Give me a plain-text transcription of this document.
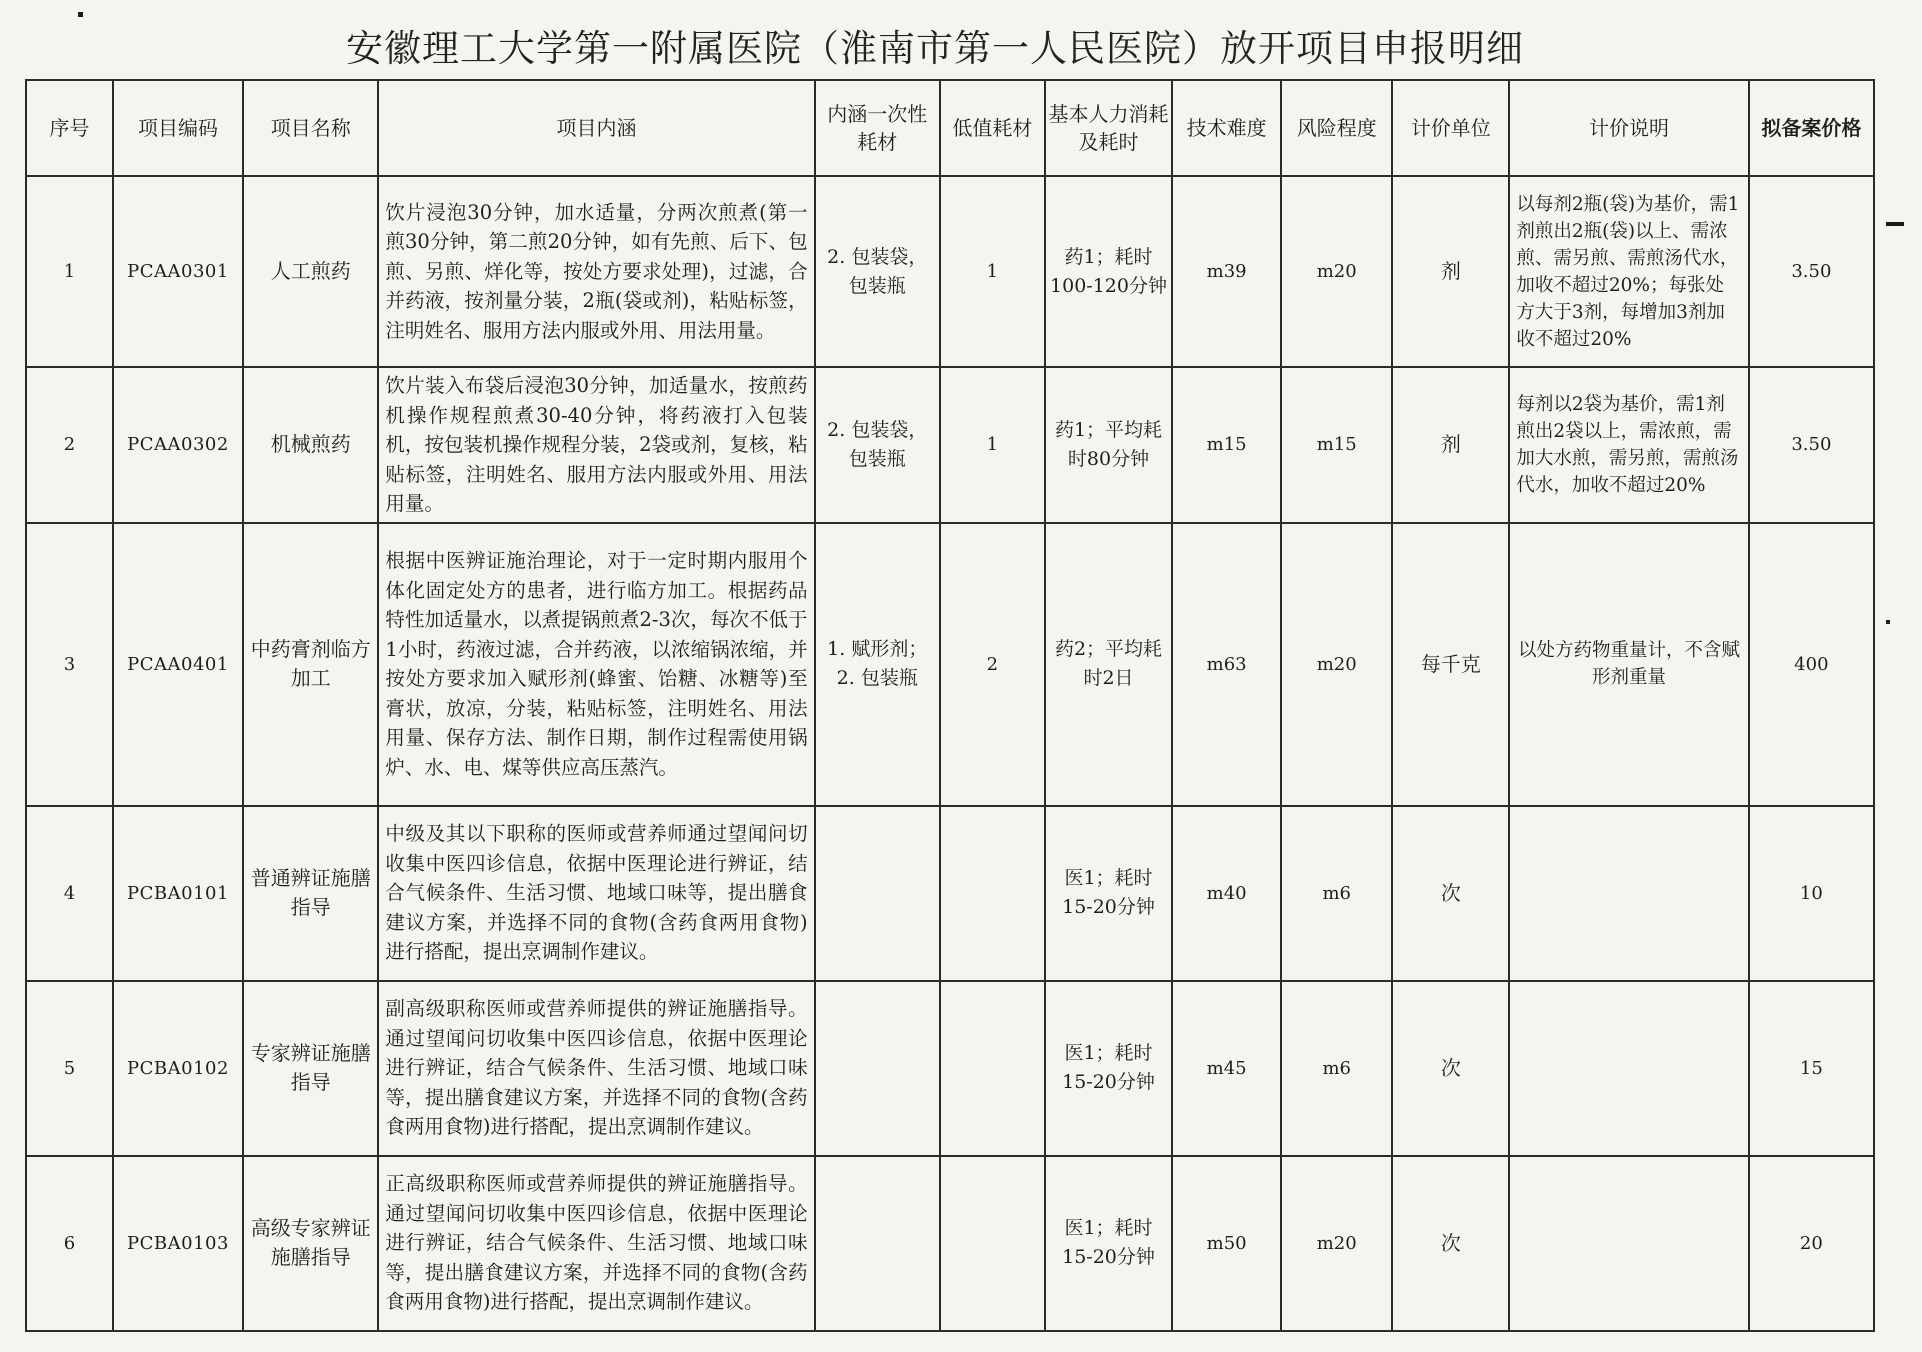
安徽理工大学第一附属医院（淮南市第一人民医院）放开项目申报明细
序号	项目编码	项目名称	项目内涵	内涵一次性耗材	低值耗材	基本人力消耗及耗时	技术难度	风险程度	计价单位	计价说明	拟备案价格
1	PCAA0301	人工煎药	饮片浸泡30分钟，加水适量，分两次煎煮(第一煎30分钟，第二煎20分钟，如有先煎、后下、包煎、另煎、烊化等，按处方要求处理)，过滤，合并药液，按剂量分装，2瓶(袋或剂)，粘贴标签，注明姓名、服用方法内服或外用、用法用量。	2. 包装袋，包装瓶	1	药1；耗时100-120分钟	m39	m20	剂	以每剂2瓶(袋)为基价，需1剂煎出2瓶(袋)以上、需浓煎、需另煎、需煎汤代水，加收不超过20%；每张处方大于3剂，每增加3剂加收不超过20%	3.50
2	PCAA0302	机械煎药	饮片装入布袋后浸泡30分钟，加适量水，按煎药机操作规程煎煮30-40分钟，将药液打入包装机，按包装机操作规程分装，2袋或剂，复核，粘贴标签，注明姓名、服用方法内服或外用、用法用量。	2. 包装袋，包装瓶	1	药1；平均耗时80分钟	m15	m15	剂	每剂以2袋为基价，需1剂煎出2袋以上，需浓煎，需加大水煎，需另煎，需煎汤代水，加收不超过20%	3.50
3	PCAA0401	中药膏剂临方加工	根据中医辨证施治理论，对于一定时期内服用个体化固定处方的患者，进行临方加工。根据药品特性加适量水，以煮提锅煎煮2-3次，每次不低于1小时，药液过滤，合并药液，以浓缩锅浓缩，并按处方要求加入赋形剂(蜂蜜、饴糖、冰糖等)至膏状，放凉，分装，粘贴标签，注明姓名、用法用量、保存方法、制作日期，制作过程需使用锅炉、水、电、煤等供应高压蒸汽。	1. 赋形剂；2. 包装瓶	2	药2；平均耗时2日	m63	m20	每千克	以处方药物重量计，不含赋形剂重量	400
4	PCBA0101	普通辨证施膳指导	中级及其以下职称的医师或营养师通过望闻问切收集中医四诊信息，依据中医理论进行辨证，结合气候条件、生活习惯、地域口味等，提出膳食建议方案，并选择不同的食物(含药食两用食物)进行搭配，提出烹调制作建议。			医1；耗时15-20分钟	m40	m6	次		10
5	PCBA0102	专家辨证施膳指导	副高级职称医师或营养师提供的辨证施膳指导。通过望闻问切收集中医四诊信息，依据中医理论进行辨证，结合气候条件、生活习惯、地域口味等，提出膳食建议方案，并选择不同的食物(含药食两用食物)进行搭配，提出烹调制作建议。			医1；耗时15-20分钟	m45	m6	次		15
6	PCBA0103	高级专家辨证施膳指导	正高级职称医师或营养师提供的辨证施膳指导。通过望闻问切收集中医四诊信息，依据中医理论进行辨证，结合气候条件、生活习惯、地域口味等，提出膳食建议方案，并选择不同的食物(含药食两用食物)进行搭配，提出烹调制作建议。			医1；耗时15-20分钟	m50	m20	次		20
